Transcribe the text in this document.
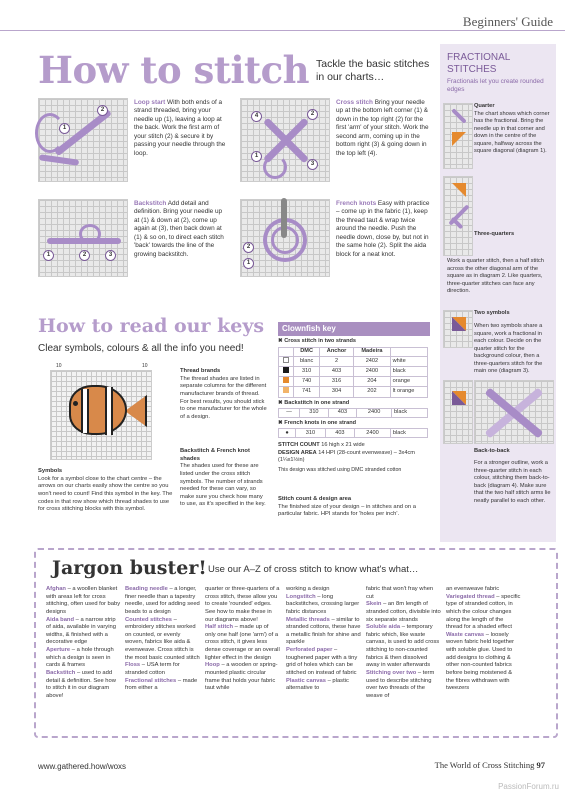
Beginners' Guide
How to stitch Tackle the basic stitches in our charts…
1
2
Loop start With both ends of a strand threaded, bring your needle up (1), leaving a loop at the back. Work the first arm of your stitch (2) & secure it by passing your needle through the loop.	1
2
3
4
Cross stitch Bring your needle up at the bottom left corner (1) & down in the top right (2) for the first 'arm' of your stitch. Work the second arm, coming up in the bottom right (3) & going down in the top left (4).
1	2	3
Backstitch Add detail and definition. Bring your needle up at (1) & down at (2), come up again at (3), then back down at (1) & so on, to direct each stitch 'back' towards the line of the growing backstitch.
2
1
French knots Easy with practice – come up in the fabric (1), keep the thread taut & wrap twice around the needle. Push the needle down, close by, but not in the same hole (2). Split the aida block for a neat knot.
FRACTIONAL STITCHES
Fractionals let you create rounded edges
Quarter
The chart shows which corner has the fractional. Bring the needle up in that corner and down in the centre of the square, halfway across the square diagonal (diagram 1).
Three-quarters

Work a quarter stitch, then a half stitch across the other diagonal arm of the square as in diagram 2. Like quarters, three-quarter stitches can face any direction.
Two symbols

When two symbols share a square, work a fractional in each colour. Decide on the quarter stitch for the background colour, then a three-quarters stitch for the main one (diagram 3).
Back-to-back

For a stronger outline, work a three-quarter stitch in each colour, stitching them back-to-back (diagram 4). Make sure that the two half stitch arms lie neatly parallel to each other.
How to read our keys
Clear symbols, colours & all the info you need!
10	10
Thread brands
The thread shades are listed in separate columns for the different manufacturer brands of thread. For best results, you should stick to one manufacturer for the whole of a design.
Backstitch & French knot shades
The shades used for these are listed under the cross stitch symbols. The number of strands needed for these can vary, so make sure you check how many to use, as it's specified in the key.
Symbols
Look for a symbol close to the chart centre – the arrows on our charts easily show the centre so you won't need to count! Find this symbol in the key. The codes in that row show which thread shades to use for cross stitching blocks with this symbol.
Clownfish key
✖ Cross stitch in two strands
	DMC	Anchor	Madeira	
	blanc	2	2402	white
	310	403	2400	black
	740	316	204	orange
	741	304	202	lt orange
✖ Backstitch in one strand
—	310	403	2400	black
✖ French knots in one strand
●	310	403	2400	black
STITCH COUNT 16 high x 21 wide
DESIGN AREA 14 HPI (28-count evenweave) – 3x4cm (1¼x1½in)
This design was stitched using DMC stranded cotton
Stitch count & design area
The finished size of your design – in stitches and on a particular fabric. HPI stands for 'holes per inch'.
Jargon buster! Use our A–Z of cross stitch to know what's what…
Afghan – a woollen blanket with areas left for cross stitching, often used for baby designs
Aida band – a narrow strip of aida, available in varying widths, & finished with a decorative edge
Aperture – a hole through which a design is seen in cards & frames
Backstitch – used to add detail & definition. See how to stitch it in our diagram above!
Beading needle – a longer, finer needle than a tapestry needle, used for adding seed beads to a design
Counted stitches – embroidery stitches worked on counted, or evenly woven, fabrics like aida & evenweave. Cross stitch is the most basic counted stitch
Floss – USA term for stranded cotton
Fractional stitches – made from either a
quarter or three-quarters of a cross stitch, these allow you to create 'rounded' edges. See how to make these in our diagrams above!
Half stitch – made up of only one half (one 'arm') of a cross stitch, it gives less dense coverage or an overall lighter effect in the design
Hoop – a wooden or spring-mounted plastic circular frame that holds your fabric taut while
working a design
Longstitch – long backstitches, crossing larger fabric distances
Metallic threads – similar to stranded cottons, these have a metallic finish for shine and sparkle
Perforated paper – toughened paper with a tiny grid of holes which can be stitched on instead of fabric
Plastic canvas – plastic alternative to
fabric that won't fray when cut
Skein – an 8m length of stranded cotton, divisible into six separate strands
Soluble aida – temporary fabric which, like waste canvas, is used to add cross stitching to non-counted fabrics & then dissolved away in water afterwards
Stitching over two – term used to describe stitching over two threads of the weave of
an evenweave fabric
Variegated thread – specific type of stranded cotton, in which the colour changes along the length of the thread for a shaded effect
Waste canvas – loosely woven fabric held together with soluble glue. Used to add designs to clothing & other non-counted fabrics before being moistened & the fibres withdrawn with tweezers
www.gathered.how/woxs	The World of Cross Stitching 97
PassionForum.ru
